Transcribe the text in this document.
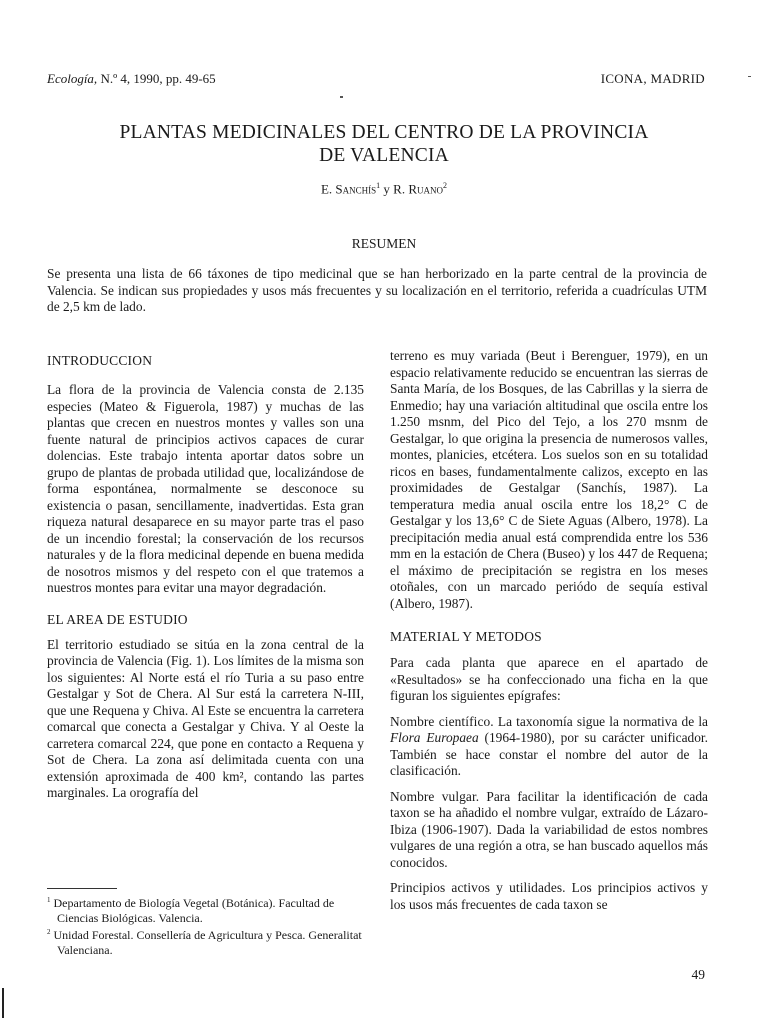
Ecología, N.º 4, 1990, pp. 49-65	ICONA, MADRID
PLANTAS MEDICINALES DEL CENTRO DE LA PROVINCIA
DE VALENCIA
E. Sanchís$^1$ y R. Ruano$^2$
RESUMEN
Se presenta una lista de 66 táxones de tipo medicinal que se han herborizado en la parte central de la provincia de Valencia. Se indican sus propiedades y usos más frecuentes y su localización en el territorio, referida a cuadrículas UTM de 2,5 km de lado.
INTRODUCCION

La flora de la provincia de Valencia consta de 2.135 especies (Mateo & Figuerola, 1987) y muchas de las plantas que crecen en nuestros montes y valles son una fuente natural de principios activos capaces de curar dolencias. Este trabajo intenta aportar datos sobre un grupo de plantas de probada utilidad que, localizándose de forma espontánea, normalmente se desconoce su existencia o pasan, sencillamente, inadvertidas. Esta gran riqueza natural desaparece en su mayor parte tras el paso de un incendio forestal; la conservación de los recursos naturales y de la flora medicinal depende en buena medida de nosotros mismos y del respeto con el que tratemos a nuestros montes para evitar una mayor degradación.

EL AREA DE ESTUDIO

El territorio estudiado se sitúa en la zona central de la provincia de Valencia (Fig. 1). Los límites de la misma son los siguientes: Al Norte está el río Turia a su paso entre Gestalgar y Sot de Chera. Al Sur está la carretera N-III, que une Requena y Chiva. Al Este se encuentra la carretera comarcal que conecta a Gestalgar y Chiva. Y al Oeste la carretera comarcal 224, que pone en contacto a Requena y Sot de Chera. La zona así delimitada cuenta con una extensión aproximada de 400 km², contando las partes marginales. La orografía del

terreno es muy variada (Beut i Berenguer, 1979), en un espacio relativamente reducido se encuentran las sierras de Santa María, de los Bosques, de las Cabrillas y la sierra de Enmedio; hay una variación altitudinal que oscila entre los 1.250 msnm, del Pico del Tejo, a los 270 msnm de Gestalgar, lo que origina la presencia de numerosos valles, montes, planicies, etcétera. Los suelos son en su totalidad ricos en bases, fundamentalmente calizos, excepto en las proximidades de Gestalgar (Sanchís, 1987). La temperatura media anual oscila entre los 18,2° C de Gestalgar y los 13,6° C de Siete Aguas (Albero, 1978). La precipitación media anual está comprendida entre los 536 mm en la estación de Chera (Buseo) y los 447 de Requena; el máximo de precipitación se registra en los meses otoñales, con un marcado periódo de sequía estival (Albero, 1987).

MATERIAL Y METODOS

Para cada planta que aparece en el apartado de «Resultados» se ha confeccionado una ficha en la que figuran los siguientes epígrafes:

Nombre científico. La taxonomía sigue la normativa de la Flora Europaea (1964-1980), por su carácter unificador. También se hace constar el nombre del autor de la clasificación.

Nombre vulgar. Para facilitar la identificación de cada taxon se ha añadido el nombre vulgar, extraído de Lázaro-Ibiza (1906-1907). Dada la variabilidad de estos nombres vulgares de una región a otra, se han buscado aquellos más conocidos.

Principios activos y utilidades. Los principios activos y los usos más frecuentes de cada taxon se

$^1$ Departamento de Biología Vegetal (Botánica). Facultad de Ciencias Biológicas. Valencia.
$^2$ Unidad Forestal. Consellería de Agricultura y Pesca. Generalitat Valenciana.
49
